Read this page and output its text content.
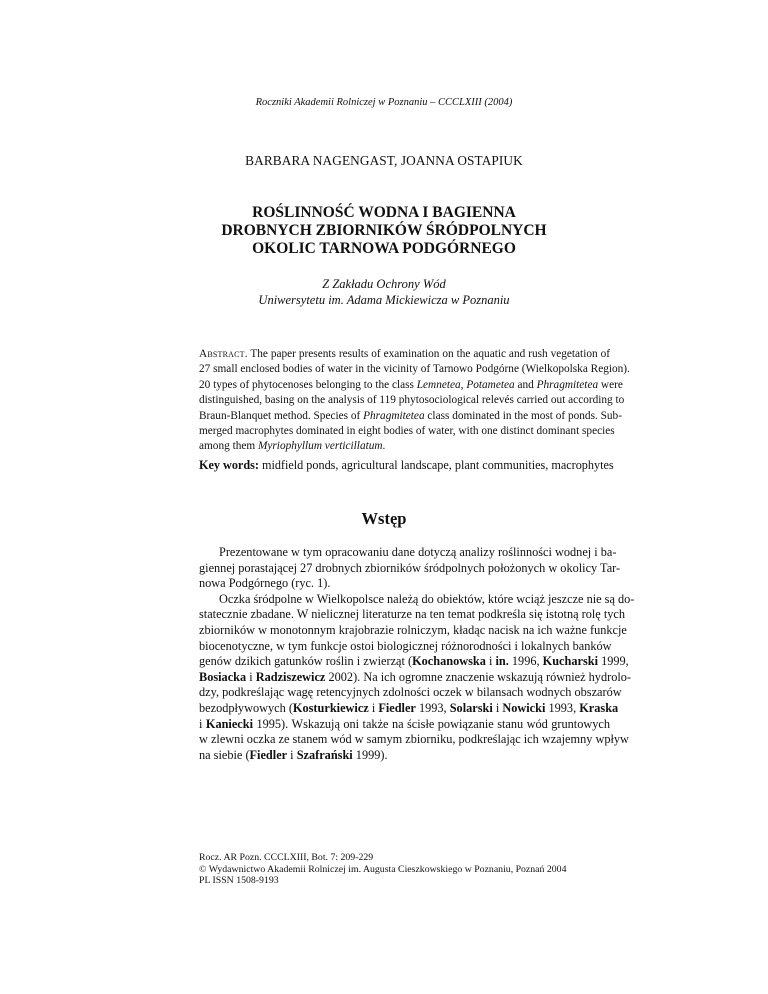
Roczniki Akademii Rolniczej w Poznaniu – CCCLXIII (2004)
BARBARA NAGENGAST, JOANNA OSTAPIUK
ROŚLINNOŚĆ WODNA I BAGIENNA
DROBNYCH ZBIORNIKÓW ŚRÓDPOLNYCH
OKOLIC TARNOWA PODGÓRNEGO
Z Zakładu Ochrony Wód
Uniwersytetu im. Adama Mickiewicza w Poznaniu
Abstract. The paper presents results of examination on the aquatic and rush vegetation of
27 small enclosed bodies of water in the vicinity of Tarnowo Podgórne (Wielkopolska Region).
20 types of phytocenoses belonging to the class Lemnetea, Potametea and Phragmitetea were
distinguished, basing on the analysis of 119 phytosociological relevés carried out according to
Braun-Blanquet method. Species of Phragmitetea class dominated in the most of ponds. Sub-
merged macrophytes dominated in eight bodies of water, with one distinct dominant species
among them Myriophyllum verticillatum.
Key words: midfield ponds, agricultural landscape, plant communities, macrophytes
Wstęp
Prezentowane w tym opracowaniu dane dotyczą analizy roślinności wodnej i ba-
giennej porastającej 27 drobnych zbiorników śródpolnych położonych w okolicy Tar-
nowa Podgórnego (ryc. 1).
Oczka śródpolne w Wielkopolsce należą do obiektów, które wciąż jeszcze nie są do-
statecznie zbadane. W nielicznej literaturze na ten temat podkreśla się istotną rolę tych
zbiorników w monotonnym krajobrazie rolniczym, kładąc nacisk na ich ważne funkcje
biocenotyczne, w tym funkcje ostoi biologicznej różnorodności i lokalnych banków
genów dzikich gatunków roślin i zwierząt (Kochanowska i in. 1996, Kucharski 1999,
Bosiacka i Radziszewicz 2002). Na ich ogromne znaczenie wskazują również hydrolo-
dzy, podkreślając wagę retencyjnych zdolności oczek w bilansach wodnych obszarów
bezodpływowych (Kosturkiewicz i Fiedler 1993, Solarski i Nowicki 1993, Kraska
i Kaniecki 1995). Wskazują oni także na ścisłe powiązanie stanu wód gruntowych
w zlewni oczka ze stanem wód w samym zbiorniku, podkreślając ich wzajemny wpływ
na siebie (Fiedler i Szafrański 1999).
Rocz. AR Pozn. CCCLXIII, Bot. 7: 209-229
© Wydawnictwo Akademii Rolniczej im. Augusta Cieszkowskiego w Poznaniu, Poznań 2004
PL ISSN 1508-9193
